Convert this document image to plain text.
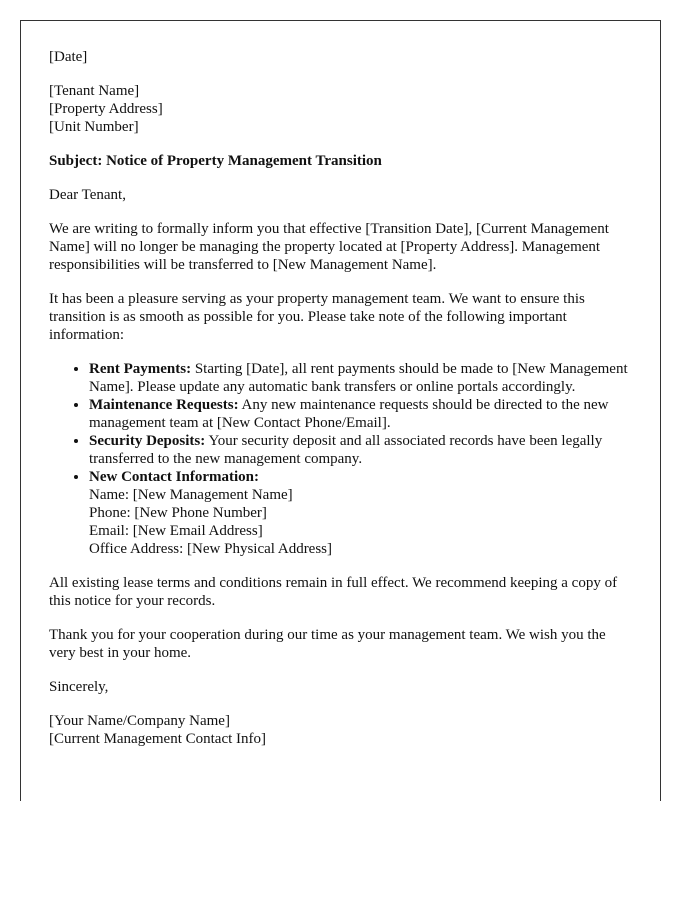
[Date]

[Tenant Name]
[Property Address]
[Unit Number]

Subject: Notice of Property Management Transition

Dear Tenant,

We are writing to formally inform you that effective [Transition Date], [Current Management Name] will no longer be managing the property located at [Property Address]. Management responsibilities will be transferred to [New Management Name].

It has been a pleasure serving as your property management team. We want to ensure this transition is as smooth as possible for you. Please take note of the following important information:

• Rent Payments: Starting [Date], all rent payments should be made to [New Management Name]. Please update any automatic bank transfers or online portals accordingly.
• Maintenance Requests: Any new maintenance requests should be directed to the new management team at [New Contact Phone/Email].
• Security Deposits: Your security deposit and all associated records have been legally transferred to the new management company.
• New Contact Information:
Name: [New Management Name]
Phone: [New Phone Number]
Email: [New Email Address]
Office Address: [New Physical Address]

All existing lease terms and conditions remain in full effect. We recommend keeping a copy of this notice for your records.

Thank you for your cooperation during our time as your management team. We wish you the very best in your home.

Sincerely,

[Your Name/Company Name]
[Current Management Contact Info]
